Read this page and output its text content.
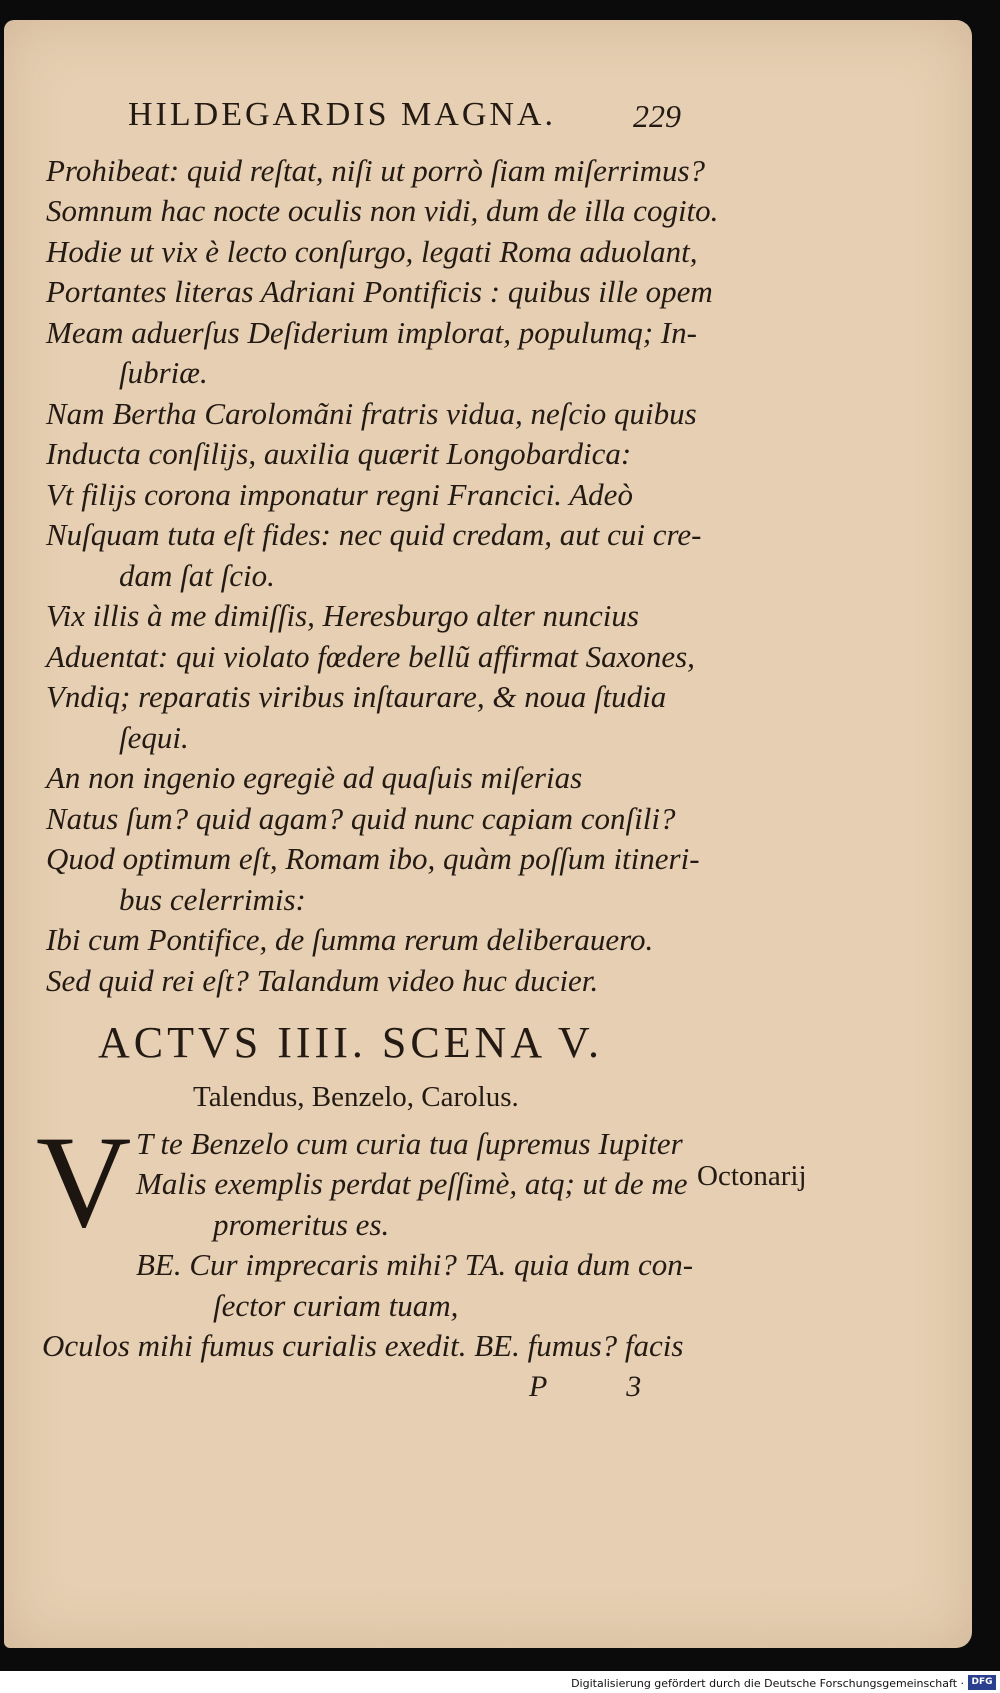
HILDEGARDIS MAGNA. 229
Prohibeat: quid reſtat, niſi ut porrò ſiam miſerrimus?
Somnum hac nocte oculis non vidi, dum de illa cogito.
Hodie ut vix è lecto conſurgo, legati Roma aduolant,
Portantes literas Adriani Pontificis : quibus ille opem
Meam aduerſus Deſiderium implorat, populumq; In-
ſubriæ.
Nam Bertha Carolomãni fratris vidua, neſcio quibus
Inducta conſilijs, auxilia quærit Longobardica:
Vt filijs corona imponatur regni Francici. Adeò
Nuſquam tuta eſt fides: nec quid credam, aut cui cre-
dam ſat ſcio.
Vix illis à me dimiſſis, Heresburgo alter nuncius
Aduentat: qui violato fœdere bellũ affirmat Saxones,
Vndiq; reparatis viribus inſtaurare, & noua ſtudia
ſequi.
An non ingenio egregiè ad quaſuis miſerias
Natus ſum? quid agam? quid nunc capiam conſili?
Quod optimum eſt, Romam ibo, quàm poſſum itineri-
bus celerrimis:
Ibi cum Pontifice, de ſumma rerum deliberauero.
Sed quid rei eſt? Talandum video huc ducier.
ACTVS IIII. SCENA V.
Talendus, Benzelo, Carolus.
V T te Benzelo cum curia tua ſupremus Iupiter
Malis exemplis perdat peſſimè, atq; ut de me
promeritus es.
BE. Cur imprecaris mihi? TA. quia dum con-
ſector curiam tuam,
Oculos mihi fumus curialis exedit. BE. fumus? facis
Octonarij
P 3
Digitalisierung gefördert durch die Deutsche Forschungsgemeinschaft · DFG
